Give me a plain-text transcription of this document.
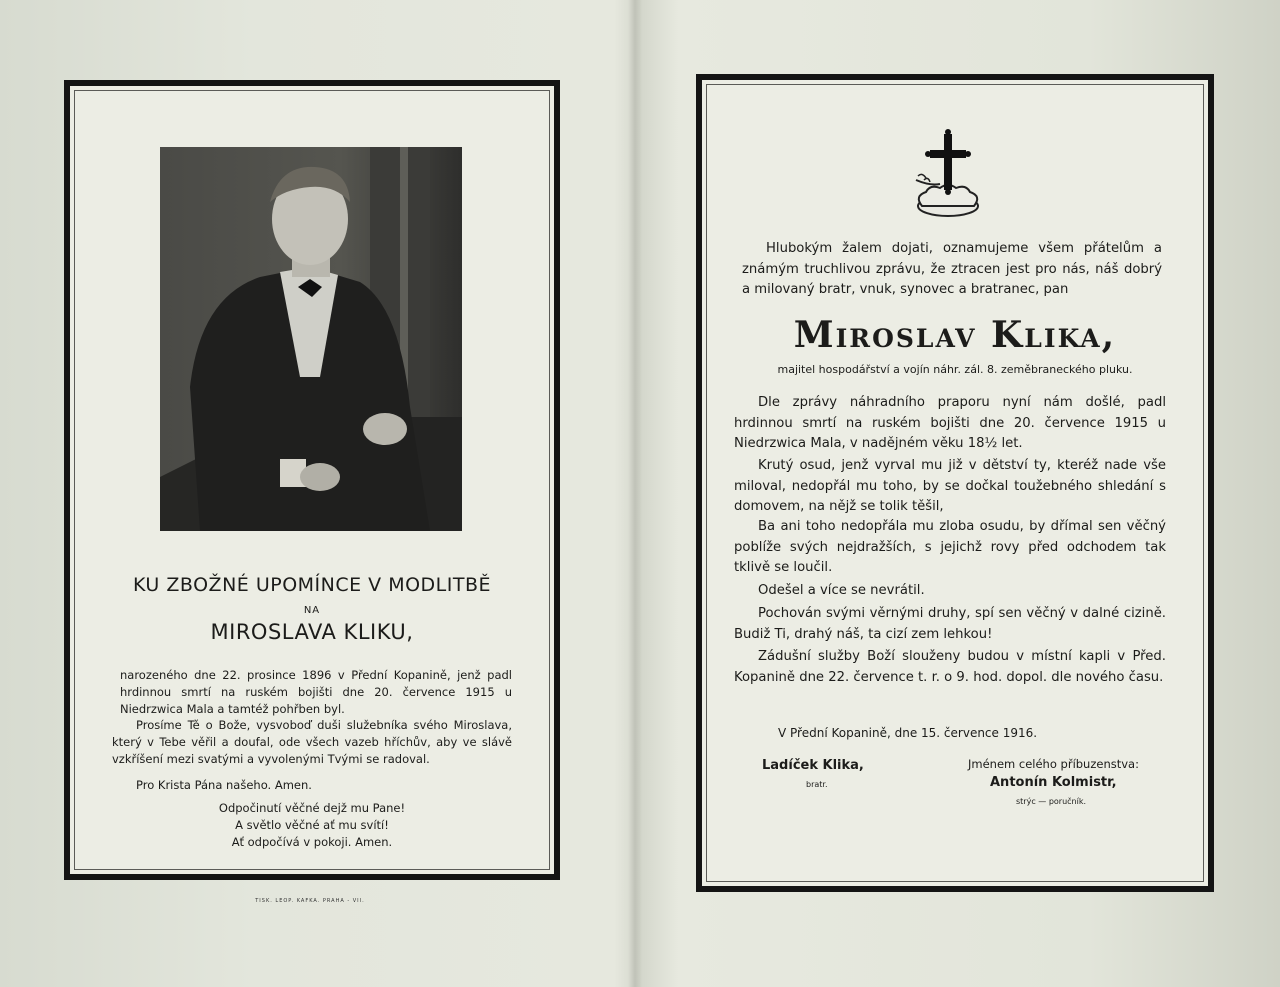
KU ZBOŽNÉ UPOMÍNCE V MODLITBĚ

NA

MIROSLAVA KLIKU,

narozeného dne 22. prosince 1896 v Přední Kopanině, jenž padl hrdinnou smrtí na ruském bojišti dne 20. července 1915 u Niedrzwica Mala a tamtéž pohřben byl.

Prosíme Tě o Bože, vysvoboď duši služebníka svého Miroslava, který v Tebe věřil a doufal, ode všech vazeb hříchův, aby ve slávě vzkříšení mezi svatými a vyvolenými Tvými se radoval.

Pro Krista Pána našeho. Amen.

Odpočinutí věčné dejž mu Pane!

A světlo věčné ať mu svítí!

Ať odpočívá v pokoji. Amen.

TISK. LEOP. KAFKA. PRAHA - VII.

Hlubokým žalem dojati, oznamujeme všem přátelům a známým truchlivou zprávu, že ztracen jest pro nás, náš dobrý a milovaný bratr, vnuk, synovec a bratranec, pan

Miroslav Klika,

majitel hospodářství a vojín náhr. zál. 8. zeměbraneckého pluku.

Dle zprávy náhradního praporu nyní nám došlé, padl hrdinnou smrtí na ruském bojišti dne 20. července 1915 u Niedrzwica Mala, v nadějném věku 18½ let.

Krutý osud, jenž vyrval mu již v dětství ty, kteréž nade vše miloval, nedopřál mu toho, by se dočkal toužebného shledání s domovem, na nějž se tolik těšil,

Ba ani toho nedopřála mu zloba osudu, by dřímal sen věčný poblíže svých nejdražších, s jejichž rovy před odchodem tak tklivě se loučil.

Odešel a více se nevrátil.

Pochován svými věrnými druhy, spí sen věčný v dalné cizině. Budiž Ti, drahý náš, ta cizí zem lehkou!

Zádušní služby Boží slouženy budou v místní kapli v Před. Kopanině dne 22. července t. r. o 9. hod. dopol. dle nového času.

V Přední Kopanině, dne 15. července 1916.

Ladíček Klika,

bratr.

Jménem celého příbuzenstva:

Antonín Kolmistr,

strýc — poručník.
